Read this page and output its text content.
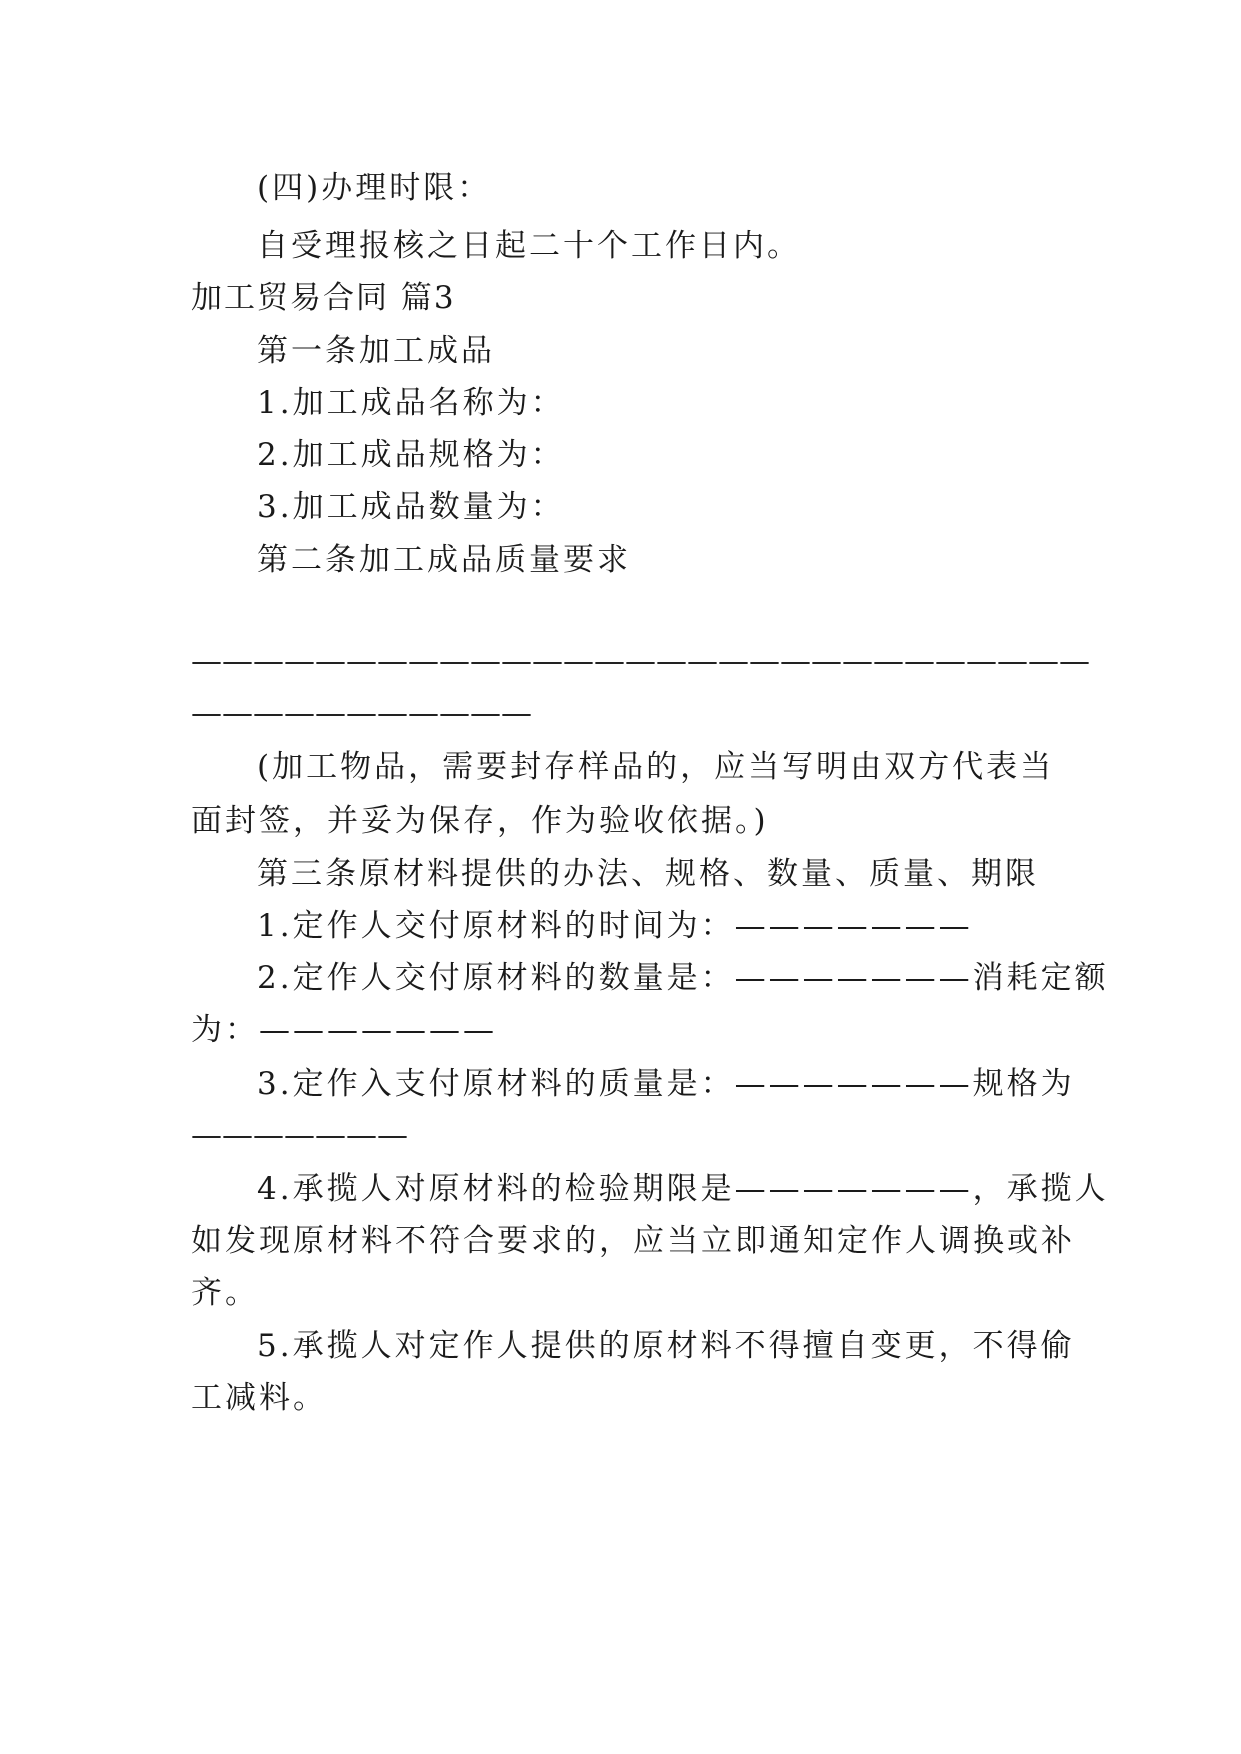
(四)办理时限：
自受理报核之日起二十个工作日内。
加工贸易合同 篇3
第一条加工成品
1.加工成品名称为：
2.加工成品规格为：
3.加工成品数量为：
第二条加工成品质量要求
—————————————————————————————
———————————
(加工物品，需要封存样品的，应当写明由双方代表当
面封签，并妥为保存，作为验收依据。)
第三条原材料提供的办法、规格、数量、质量、期限
1.定作人交付原材料的时间为：———————
2.定作人交付原材料的数量是：———————消耗定额
为：———————
3.定作入支付原材料的质量是：———————规格为
———————
4.承揽人对原材料的检验期限是———————，承揽人
如发现原材料不符合要求的，应当立即通知定作人调换或补
齐。
5.承揽人对定作人提供的原材料不得擅自变更，不得偷
工减料。
